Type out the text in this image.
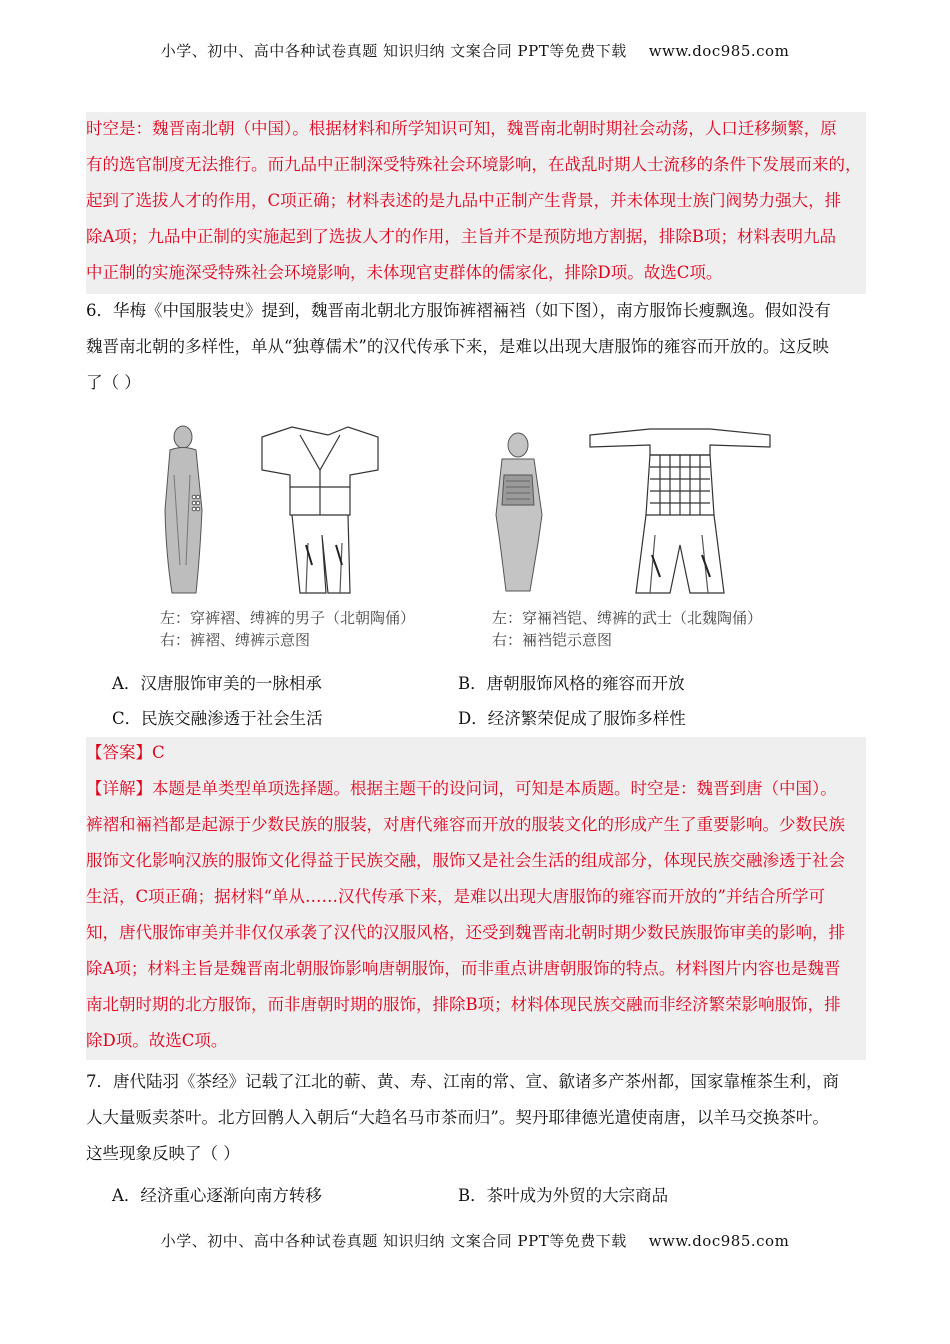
小学、初中、高中各种试卷真题 知识归纳 文案合同 PPT等免费下载 www.doc985.com
时空是：魏晋南北朝（中国）。根据材料和所学知识可知，魏晋南北朝时期社会动荡，人口迁移频繁，原
有的选官制度无法推行。而九品中正制深受特殊社会环境影响，在战乱时期人士流移的条件下发展而来的，
起到了选拔人才的作用，C项正确；材料表述的是九品中正制产生背景，并未体现士族门阀势力强大，排
除A项；九品中正制的实施起到了选拔人才的作用，主旨并不是预防地方割据，排除B项；材料表明九品
中正制的实施深受特殊社会环境影响，未体现官吏群体的儒家化，排除D项。故选C项。
6．华梅《中国服装史》提到，魏晋南北朝北方服饰裤褶裲裆（如下图），南方服饰长瘦飘逸。假如没有
魏晋南北朝的多样性，单从“独尊儒术”的汉代传承下来，是难以出现大唐服饰的雍容而开放的。这反映
了（ ）
左：穿裤褶、缚裤的男子（北朝陶俑）
右：裤褶、缚裤示意图
左：穿裲裆铠、缚裤的武士（北魏陶俑）
右：裲裆铠示意图
A．汉唐服饰审美的一脉相承	B．唐朝服饰风格的雍容而开放
C．民族交融渗透于社会生活	D．经济繁荣促成了服饰多样性
【答案】C
【详解】本题是单类型单项选择题。根据主题干的设问词，可知是本质题。时空是：魏晋到唐（中国）。
裤褶和裲裆都是起源于少数民族的服装，对唐代雍容而开放的服装文化的形成产生了重要影响。少数民族
服饰文化影响汉族的服饰文化得益于民族交融，服饰又是社会生活的组成部分，体现民族交融渗透于社会
生活，C项正确；据材料“单从……汉代传承下来，是难以出现大唐服饰的雍容而开放的”并结合所学可
知，唐代服饰审美并非仅仅承袭了汉代的汉服风格，还受到魏晋南北朝时期少数民族服饰审美的影响，排
除A项；材料主旨是魏晋南北朝服饰影响唐朝服饰，而非重点讲唐朝服饰的特点。材料图片内容也是魏晋
南北朝时期的北方服饰，而非唐朝时期的服饰，排除B项；材料体现民族交融而非经济繁荣影响服饰，排
除D项。故选C项。
7．唐代陆羽《茶经》记载了江北的蕲、黄、寿、江南的常、宣、歙诸多产茶州都，国家靠榷茶生利，商
人大量贩卖茶叶。北方回鹘人入朝后“大趋名马市茶而归”。契丹耶律德光遣使南唐，以羊马交换茶叶。
这些现象反映了（ ）
A．经济重心逐渐向南方转移	B．茶叶成为外贸的大宗商品
小学、初中、高中各种试卷真题 知识归纳 文案合同 PPT等免费下载 www.doc985.com
